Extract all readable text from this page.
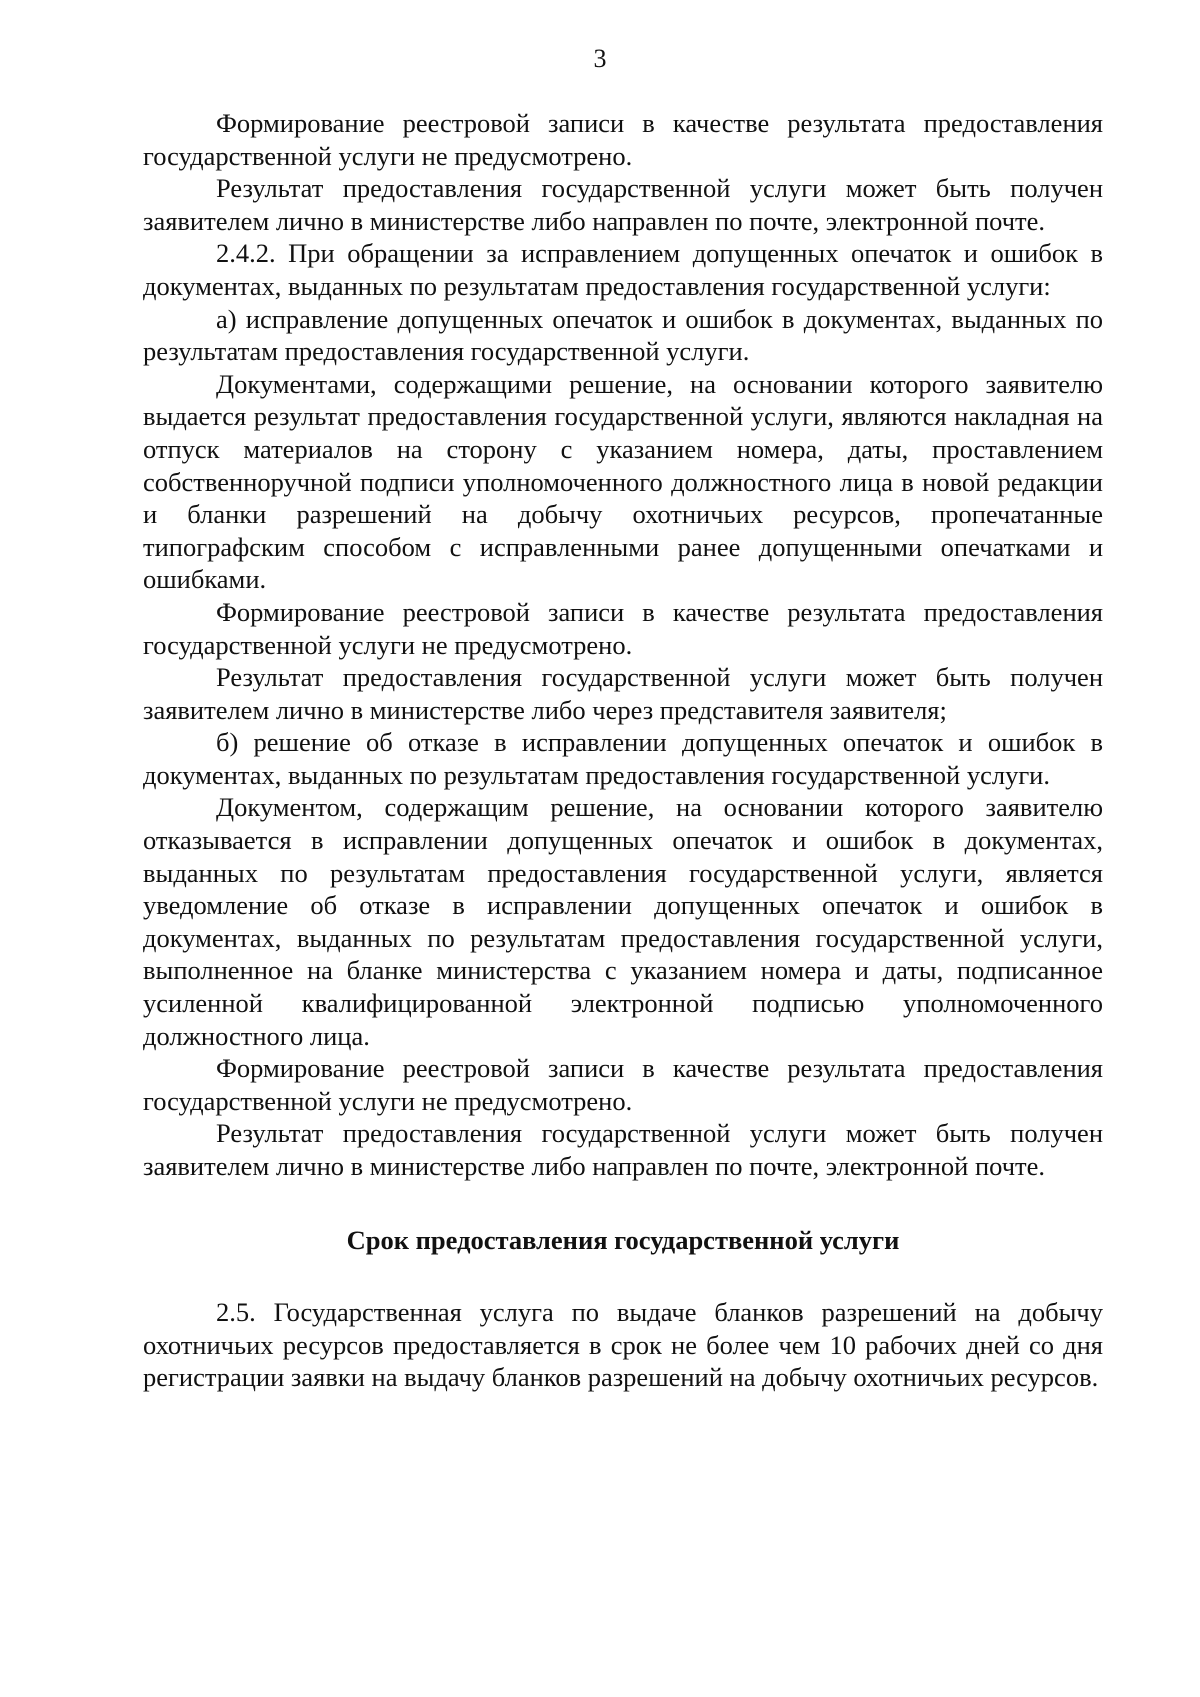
3

Формирование реестровой записи в качестве результата предоставления государственной услуги не предусмотрено.

Результат предоставления государственной услуги может быть получен заявителем лично в министерстве либо направлен по почте, электронной почте.

2.4.2. При обращении за исправлением допущенных опечаток и ошибок в документах, выданных по результатам предоставления государственной услуги:

а) исправление допущенных опечаток и ошибок в документах, выданных по результатам предоставления государственной услуги.

Документами, содержащими решение, на основании которого заявителю выдается результат предоставления государственной услуги, являются накладная на отпуск материалов на сторону с указанием номера, даты, проставлением собственноручной подписи уполномоченного должностного лица в новой редакции и бланки разрешений на добычу охотничьих ресурсов, пропечатанные типографским способом с исправленными ранее допущенными опечатками и ошибками.

Формирование реестровой записи в качестве результата предоставления государственной услуги не предусмотрено.

Результат предоставления государственной услуги может быть получен заявителем лично в министерстве либо через представителя заявителя;

б) решение об отказе в исправлении допущенных опечаток и ошибок в документах, выданных по результатам предоставления государственной услуги.

Документом, содержащим решение, на основании которого заявителю отказывается в исправлении допущенных опечаток и ошибок в документах, выданных по результатам предоставления государственной услуги, является уведомление об отказе в исправлении допущенных опечаток и ошибок в документах, выданных по результатам предоставления государственной услуги, выполненное на бланке министерства с указанием номера и даты, подписанное усиленной квалифицированной электронной подписью уполномоченного должностного лица.

Формирование реестровой записи в качестве результата предоставления государственной услуги не предусмотрено.

Результат предоставления государственной услуги может быть получен заявителем лично в министерстве либо направлен по почте, электронной почте.

Срок предоставления государственной услуги

2.5. Государственная услуга по выдаче бланков разрешений на добычу охотничьих ресурсов предоставляется в срок не более чем 10 рабочих дней со дня регистрации заявки на выдачу бланков разрешений на добычу охотничьих ресурсов.
